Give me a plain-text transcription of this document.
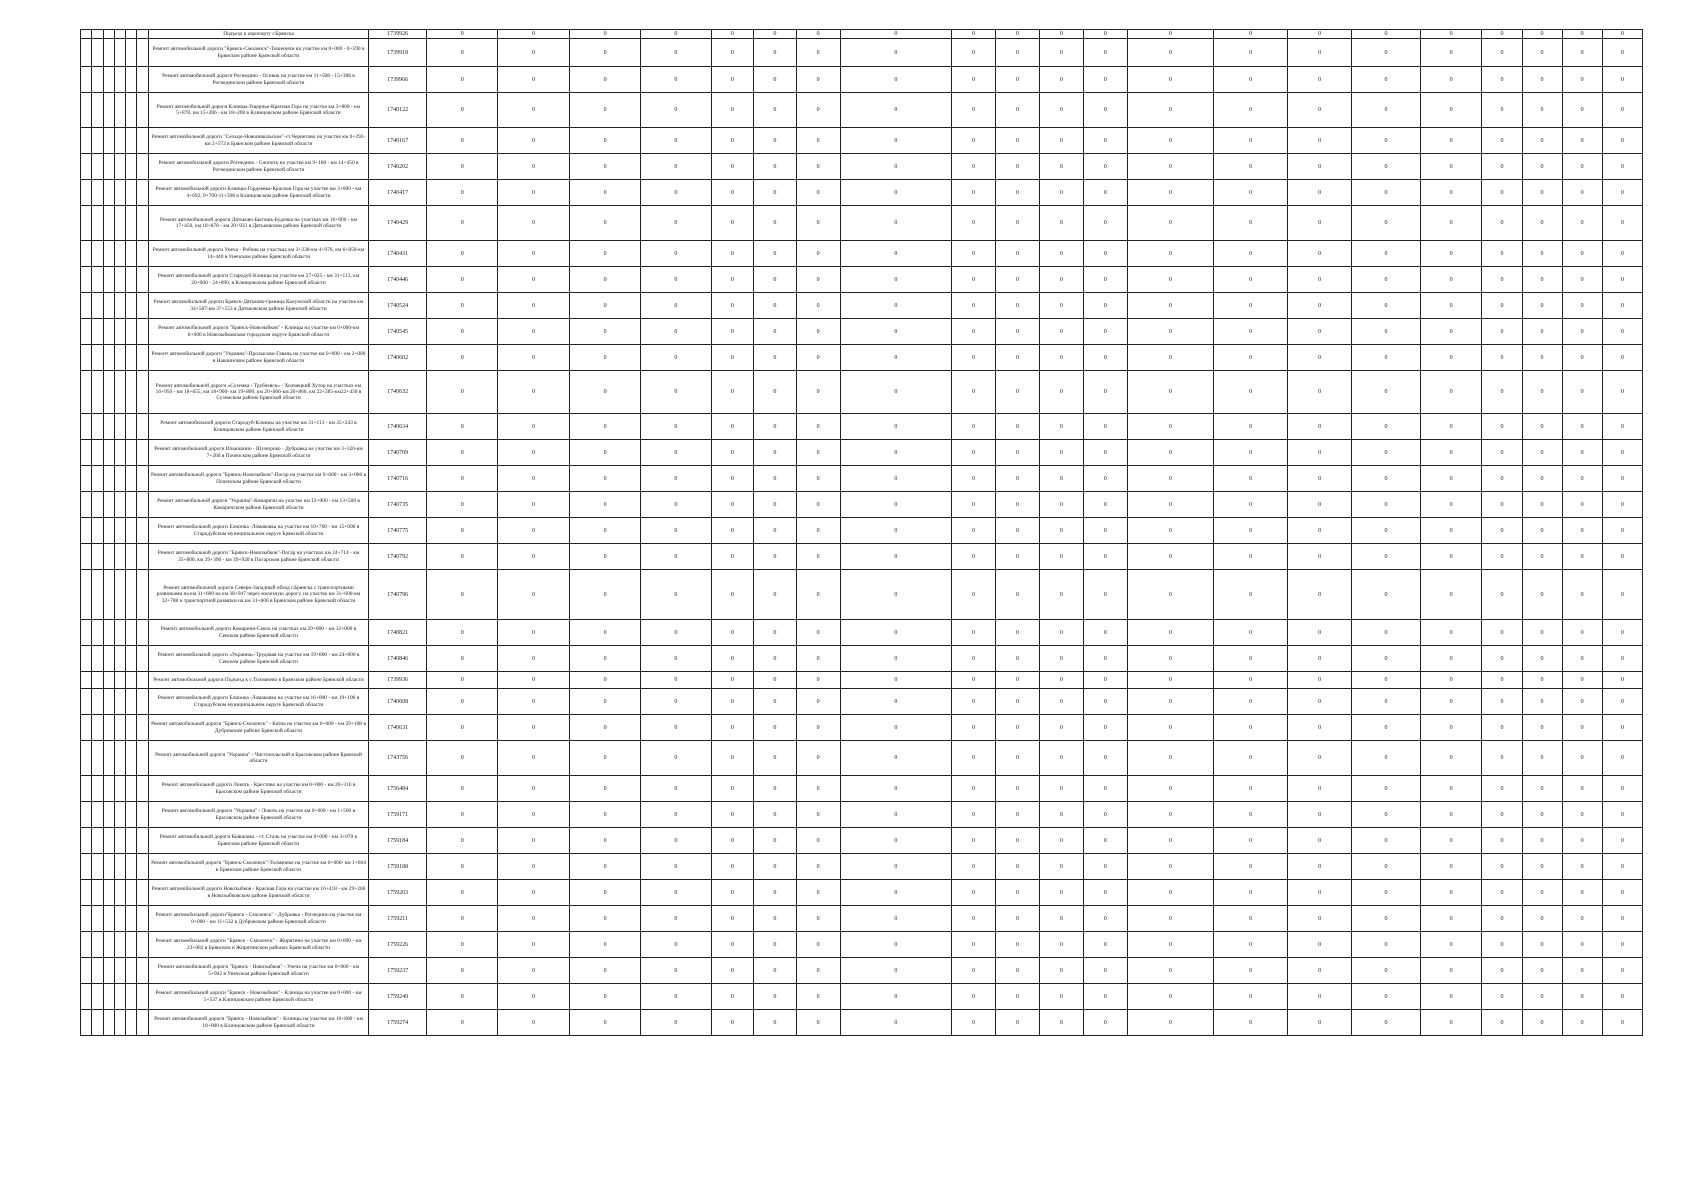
						Подъезд к аэропорту г.Брянска	1739926	0	0	0	0	0	0	0	0	0	0	0	0	0	0	0	0	0	0	0	0	0
						Ремонт автомобильной дороги "Брянск-Смоленск"-Тешеничи на участке км 0+000 - 0+590 в Брянском районе Брянской области	1739918	0	0	0	0	0	0	0	0	0	0	0	0	0	0	0	0	0	0	0	0	0
						Ремонт автомобильной дороги Рогнедино - Осовик на участке км 11+508 - 15+308 в Рогнединском районе Брянской области	1739966	0	0	0	0	0	0	0	0	0	0	0	0	0	0	0	0	0	0	0	0	0
						Ремонт автомобильной дороги Клинцы-Ущерпье-Красная Гора на участке км 3+800 - км 5+878, км 15+286 - км 18+208 в Клинцовском районе Брянской области	1740122	0	0	0	0	0	0	0	0	0	0	0	0	0	0	0	0	0	0	0	0	0
						Ремонт автомобильной дороги "Сельцо-Новоникольское"-ст.Чернетово на участке км 0+292- км 2+572 в Брянском районе Брянской области	1740167	0	0	0	0	0	0	0	0	0	0	0	0	0	0	0	0	0	0	0	0	0
						Ремонт автомобильной дороги Рогнедино - Снопоть на участке км 9+180 - км 14+450 в Рогнединском районе Брянской области	1740202	0	0	0	0	0	0	0	0	0	0	0	0	0	0	0	0	0	0	0	0	0
						Ремонт автомобильной дороги Клинцы-Гордеевка-Красная Гора на участке км 3+000 - км 4+692, 9+700-11+508 в Клинцовском районе Брянской области	1740417	0	0	0	0	0	0	0	0	0	0	0	0	0	0	0	0	0	0	0	0	0
						Ремонт автомобильной дороги Дятьково-Бытошь-Будочка на участках км 16+000 - км 17+450, км 18+878 - км 20+933 в Дятьковском районе Брянской области	1740429	0	0	0	0	0	0	0	0	0	0	0	0	0	0	0	0	0	0	0	0	0
						Ремонт автомобильной дороги Унеча - Робчик на участках км 3+238-км 4+976, км 6+850-км 14+440 в Унечском районе Брянской области	1740431	0	0	0	0	0	0	0	0	0	0	0	0	0	0	0	0	0	0	0	0	0
						Ремонт автомобильной дороги Стародуб-Клинцы на участке км 27+025 - км 31+113, км 20+000 - 24+690, в Клинцовском районе Брянской области	1740446	0	0	0	0	0	0	0	0	0	0	0	0	0	0	0	0	0	0	0	0	0
						Ремонт автомобильной дороги Брянск-Дятьково-граница Калужской области на участке км 34+587-км 37+553 в Дятьковском районе Брянской области	1740524	0	0	0	0	0	0	0	0	0	0	0	0	0	0	0	0	0	0	0	0	0
						Ремонт автомобильной дороги "Брянск-Новозыбков" - Клинцы на участке км 0+000-км 8+000 в Новозыбковском городском округе Брянской области	1740545	0	0	0	0	0	0	0	0	0	0	0	0	0	0	0	0	0	0	0	0	0
						Ремонт автомобильной дороги "Украина"-Пролысово-Гавань на участке км 0+000 - км 2+000 в Навлинском районе Брянской области	1740602	0	0	0	0	0	0	0	0	0	0	0	0	0	0	0	0	0	0	0	0	0
						Ремонт автомобильной дороги «Суземка - Трубчевск» - Холмецкий Хутор на участках км 16+950 - км 18+655, км 18+900- км 19+800, км 20+066-км 20+866, км 22+285-км22+430 в Суземском районе Брянской области	1740632	0	0	0	0	0	0	0	0	0	0	0	0	0	0	0	0	0	0	0	0	0
						Ремонт автомобильной дороги Стародуб-Клинцы на участке км 31+113 - км 35+243 в Клинцовском районе Брянской области	1740634	0	0	0	0	0	0	0	0	0	0	0	0	0	0	0	0	0	0	0	0	0
						Ремонт автомобильной дороги Ильюшино - Шумороко - Дубровка на участке км 3+320-км 7+260 в Почепском районе Брянской области	1740709	0	0	0	0	0	0	0	0	0	0	0	0	0	0	0	0	0	0	0	0	0
						Ремонт автомобильной дороги "Брянск-Новозыбков"-Погар на участке км 0+000 - км 3+000 в Почепском районе Брянской области	1740716	0	0	0	0	0	0	0	0	0	0	0	0	0	0	0	0	0	0	0	0	0
						Ремонт автомобильной дороги "Украина"-Комаричи на участке км 12+000 - км 13+500 в Комаричском районе Брянской области	1740735	0	0	0	0	0	0	0	0	0	0	0	0	0	0	0	0	0	0	0	0	0
						Ремонт автомобильной дороги Елионка -Ломаковка на участке км 10+700 - км 15+000 в Стародубском муниципальном округе Брянской области	1740775	0	0	0	0	0	0	0	0	0	0	0	0	0	0	0	0	0	0	0	0	0
						Ремонт автомобильной дороги "Брянск-Новозыбков"-Погар на участках км 24+714 - км 25+800, км 39+396 - км 39+928 в Погарском районе Брянской области	1740792	0	0	0	0	0	0	0	0	0	0	0	0	0	0	0	0	0	0	0	0	0
						Ремонт автомобильной дороги Северо-Западный обход г.Брянска с транспортными развязками на км 31+600 на км 38+947 через железную дорогу, на участке км 31+600-км 32+788 и транспортной развязки на км 31+600 в Брянском районе Брянской области	1740796	0	0	0	0	0	0	0	0	0	0	0	0	0	0	0	0	0	0	0	0	0
						Ремонт автомобильной дороги Комаричи-Севск на участках км 29+000 - км 32+000 в Севском районе Брянской области	1740821	0	0	0	0	0	0	0	0	0	0	0	0	0	0	0	0	0	0	0	0	0
						Ремонт автомобильной дороги «Украина»-Трудовая на участке км 19+800 - км 24+800 в Севском районе Брянской области	1740846	0	0	0	0	0	0	0	0	0	0	0	0	0	0	0	0	0	0	0	0	0
						Ремонт автомобильной дороги Подъезд к с.Толмачево в Брянском районе Брянской области	1739936	0	0	0	0	0	0	0	0	0	0	0	0	0	0	0	0	0	0	0	0	0
						Ремонт автомобильной дороги Елионка -Ломаковка на участке км 16+000 - км 19+100 в Стародубском муниципальном округе Брянской области	1740608	0	0	0	0	0	0	0	0	0	0	0	0	0	0	0	0	0	0	0	0	0
						Ремонт автомобильной дороги "Брянск-Смоленск" - Катна на участке км 0+000 - км 29+108 в Дубровском районе Брянской области	1740631	0	0	0	0	0	0	0	0	0	0	0	0	0	0	0	0	0	0	0	0	0
						Ремонт автомобильной дороги "Украина" - Чистопольский в Брасовском районе Брянской области	1743756	0	0	0	0	0	0	0	0	0	0	0	0	0	0	0	0	0	0	0	0	0
						Ремонт автомобильной дороги Локоть - Крестово на участке км 0+000 - км 26+316 в Брасовском районе Брянской области	1756484	0	0	0	0	0	0	0	0	0	0	0	0	0	0	0	0	0	0	0	0	0
						Ремонт автомобильной дороги "Украина" - Локоть на участке км 0+000 - км 1+500 в Брасовском районе Брянской области	1759171	0	0	0	0	0	0	0	0	0	0	0	0	0	0	0	0	0	0	0	0	0
						Ремонт автомобильной дороги Ковшовка - ст. Сталь на участке км 0+000 - км 3+070 в Брянском районе Брянской области	1759184	0	0	0	0	0	0	0	0	0	0	0	0	0	0	0	0	0	0	0	0	0
						Ремонт автомобильной дороги "Брянск-Смоленск"-Толмачево на участке км 0+000- км 1+664 в Брянском районе Брянской области	1759188	0	0	0	0	0	0	0	0	0	0	0	0	0	0	0	0	0	0	0	0	0
						Ремонт автомобильной дороги Новозыбков - Красная Гора на участке км 16+418 - км 29+266 в Новозыбковском районе Брянской области	1759203	0	0	0	0	0	0	0	0	0	0	0	0	0	0	0	0	0	0	0	0	0
						Ремонт автомобильной дороги"Брянск - Смоленск" - Дубровка - Рогнедино на участке км 0+000 - км 11+532 в Дубровском районе Брянской области	1759211	0	0	0	0	0	0	0	0	0	0	0	0	0	0	0	0	0	0	0	0	0
						Ремонт автомобильной дороги "Брянск - Смоленск" - Жирятино на участке км 0+000 - км 23+082 в Брянском и Жирятинском районах Брянской области	1759226	0	0	0	0	0	0	0	0	0	0	0	0	0	0	0	0	0	0	0	0	0
						Ремонт автомобильной дороги "Брянск - Новозыбков" - Унеча на участке км 0+000 - км 5+942 в Унечском районе Брянской области	1759237	0	0	0	0	0	0	0	0	0	0	0	0	0	0	0	0	0	0	0	0	0
						Ремонт автомобильной дороги "Брянск - Новозыбков" - Клинцы на участке км 0+000 - км 5+537 в Клинцовском районе Брянской области	1759249	0	0	0	0	0	0	0	0	0	0	0	0	0	0	0	0	0	0	0	0	0
						Ремонт автомобильной дороги "Брянск - Новозыбков" - Клинцы на участке км 10+800 - км 18+000 в Клинцовском районе Брянской области	1759274	0	0	0	0	0	0	0	0	0	0	0	0	0	0	0	0	0	0	0	0	0
